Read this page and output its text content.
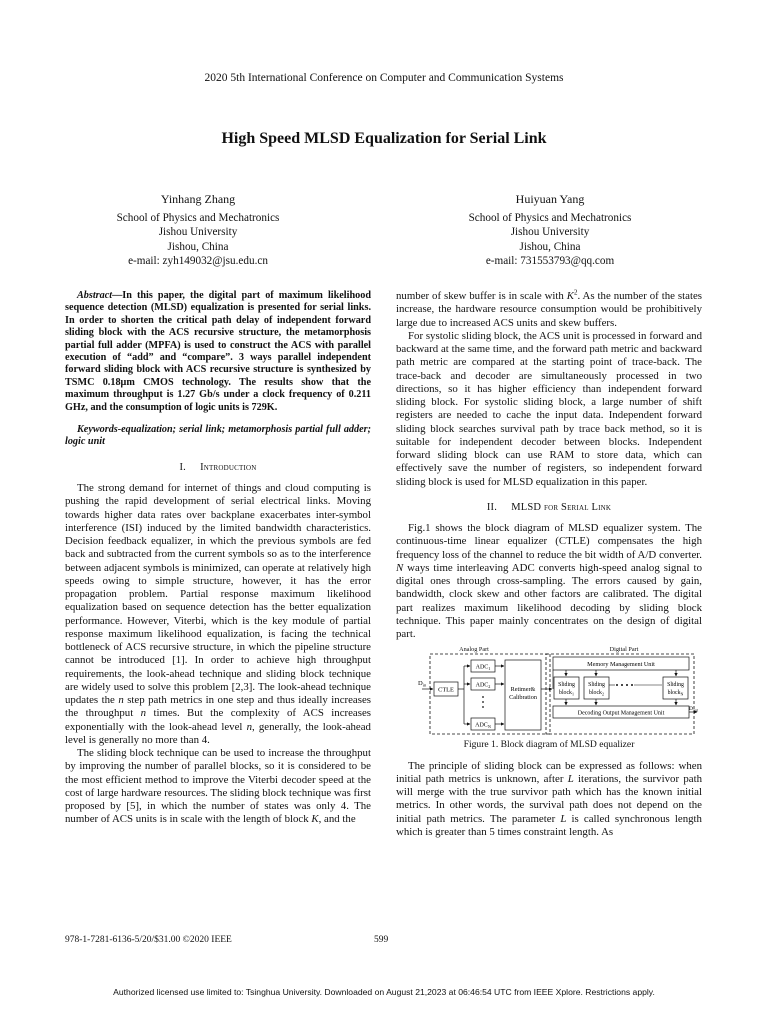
2020 5th International Conference on Computer and Communication Systems
High Speed MLSD Equalization for Serial Link
Yinhang Zhang
School of Physics and Mechatronics
Jishou University
Jishou, China
e-mail: zyh149032@jsu.edu.cn
Huiyuan Yang
School of Physics and Mechatronics
Jishou University
Jishou, China
e-mail: 731553793@qq.com

Abstract—In this paper, the digital part of maximum likelihood sequence detection (MLSD) equalization is presented for serial links. In order to shorten the critical path delay of independent forward sliding block with the ACS recursive structure, the metamorphosis partial full adder (MPFA) is used to construct the ACS with parallel execution of “add” and “compare”. 3 ways parallel independent forward sliding block with ACS recursive structure is synthesized by TSMC 0.18μm CMOS technology. The results show that the maximum throughput is 1.27 Gb/s under a clock frequency of 0.211 GHz, and the consumption of logic units is 729K.

Keywords-equalization; serial link; metamorphosis partial full adder; logic unit

I. Introduction

The strong demand for internet of things and cloud computing is pushing the rapid development of serial electrical links. Moving towards higher data rates over backplane exacerbates inter-symbol interference (ISI) induced by the limited bandwidth characteristics. Decision feedback equalizer, in which the previous symbols are fed back and subtracted from the current symbols so as to the interference between adjacent symbols is minimized, can operate at relatively high speeds owing to simple structure, however, it has the error propagation problem. Partial response maximum likelihood equalization based on sequence detection has the better equalization performance. However, Viterbi, which is the key module of partial response maximum likelihood equalization, is facing the technical bottleneck of ACS recursive structure, in which the pipeline structure cannot be introduced [1]. In order to achieve high throughput requirements, the look-ahead technique and sliding block technique are widely used to solve this problem [2,3]. The look-ahead technique updates the n step path metrics in one step and thus ideally increases the throughput n times. But the complexity of ACS increases exponentially with the look-ahead level n, generally, the look-ahead level is generally no more than 4.

The sliding block technique can be used to increase the throughput by improving the number of parallel blocks, so it is considered to be the most efficient method to improve the Viterbi decoder speed at the cost of large hardware resources. The sliding block technique was first proposed by [5], in which the number of states was only 4. The number of ACS units is in scale with the length of block K, and the

number of skew buffer is in scale with $K^2$. As the number of the states increase, the hardware resource consumption would be prohibitively large due to increased ACS units and skew buffers.

For systolic sliding block, the ACS unit is processed in forward and backward at the same time, and the forward path metric and backward path metric are compared at the starting point of trace-back. The trace-back and decoder are simultaneously processed in two directions, so it has higher efficiency than independent forward sliding block. For systolic sliding block, a large number of shift registers are needed to cache the input data. Independent forward sliding block searches survival path by trace back method, so it is suitable for independent decoder between blocks. Independent forward sliding block can use RAM to store data, which can effectively save the number of registers, so independent forward sliding block is used for MLSD equalization in this paper.

II. MLSD for Serial Link

Fig.1 shows the block diagram of MLSD equalizer system. The continuous-time linear equalizer (CTLE) compensates the high frequency loss of the channel to reduce the bit width of A/D converter. N ways time interleaving ADC converts high-speed analog signal to digital ones through cross-sampling. The errors caused by gain, bandwidth, clock skew and other factors are calibrated. The digital part realizes maximum likelihood decoding by sliding block technique. This paper mainly concentrates on the design of digital part.

Analog Part	Digital Part
$D_{in}$
CTLE
$ADC_1$
$ADC_2$
$ADC_N$
Retimer&
Calibration
Memory Management Unit
Sliding
block$_1$
Sliding
block$_2$
Sliding
block$_N$
Decoding Output Management Unit
$D_{out}$

Figure 1. Block diagram of MLSD equalizer

The principle of sliding block can be expressed as follows: when initial path metrics is unknown, after L iterations, the survivor path will merge with the true survivor path which has the known initial metrics. In other words, the survival path does not depend on the initial path metrics. The parameter L is called synchronous length which is greater than 5 times constraint length. As

978-1-7281-6136-5/20/$31.00 ©2020 IEEE	599
Authorized licensed use limited to: Tsinghua University. Downloaded on August 21,2023 at 06:46:54 UTC from IEEE Xplore. Restrictions apply.
